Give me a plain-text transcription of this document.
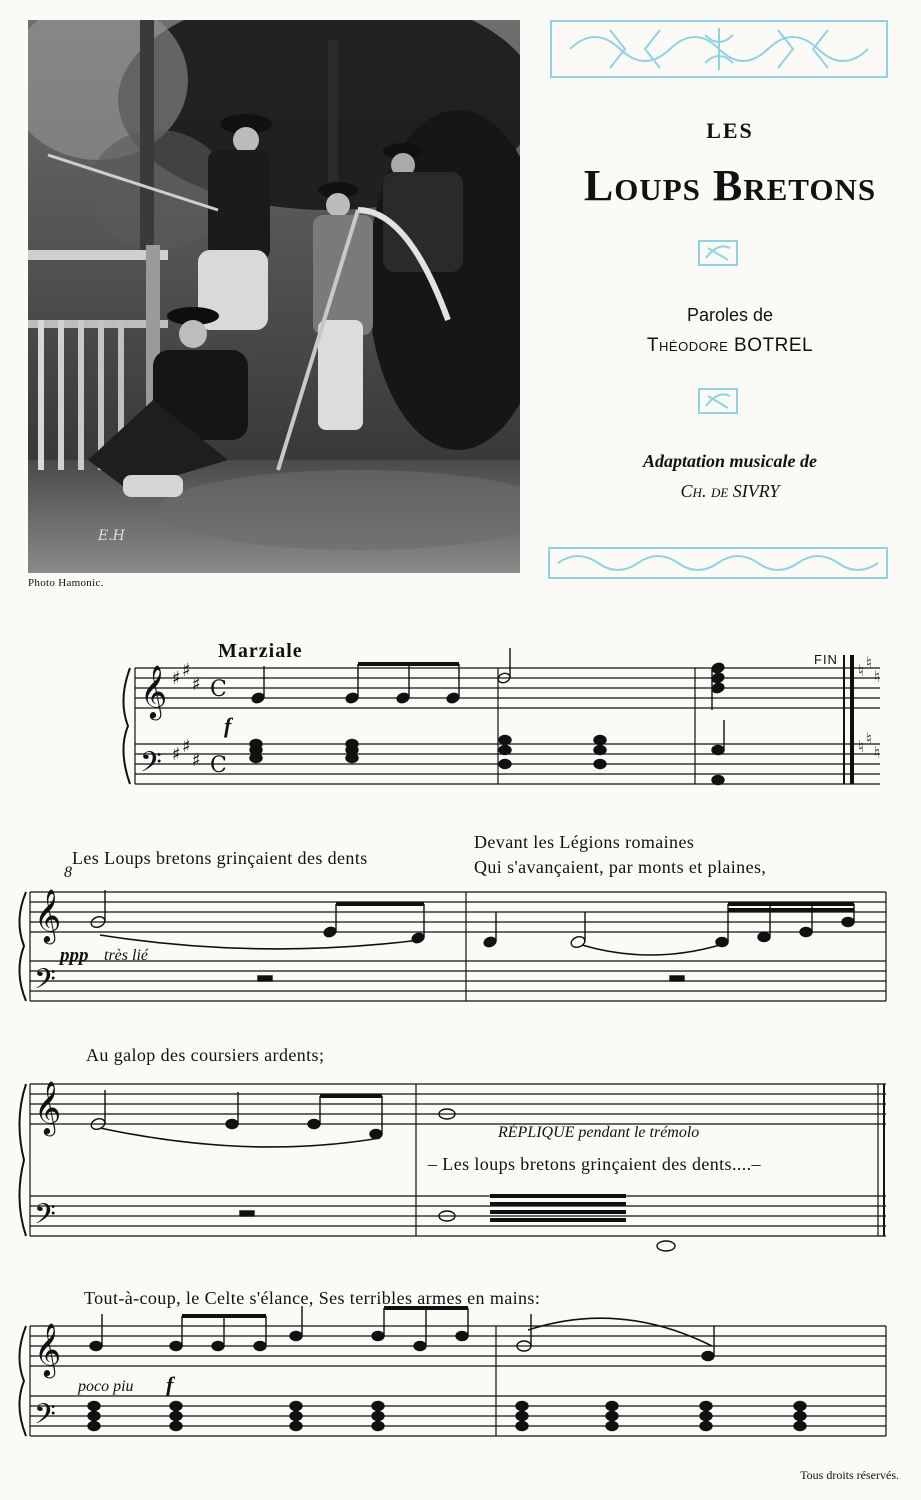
E.H
Photo Hamonic.
LES
Loups Bretons
Paroles de
Théodore BOTREL
Adaptation musicale de
Ch. de SIVRY
𝄞
𝄢
♯ ♯
♯
♯ ♯
♯
C
C
♮ ♮
♮
♮ ♮
♮
𝄞
𝄢
𝄞
𝄢
𝄞
𝄢
Marziale
f
FIN
Les Loups bretons grinçaient des dents
Devant les Légions romaines
Qui s'avançaient, par monts et plaines,
8
ppp très lié
Au galop des coursiers ardents;
RÉPLIQUE pendant le trémolo
– Les loups bretons grinçaient des dents....–
Tout-à-coup, le Celte s'élance, Ses terribles armes en mains:
poco piu f
Tous droits réservés.
